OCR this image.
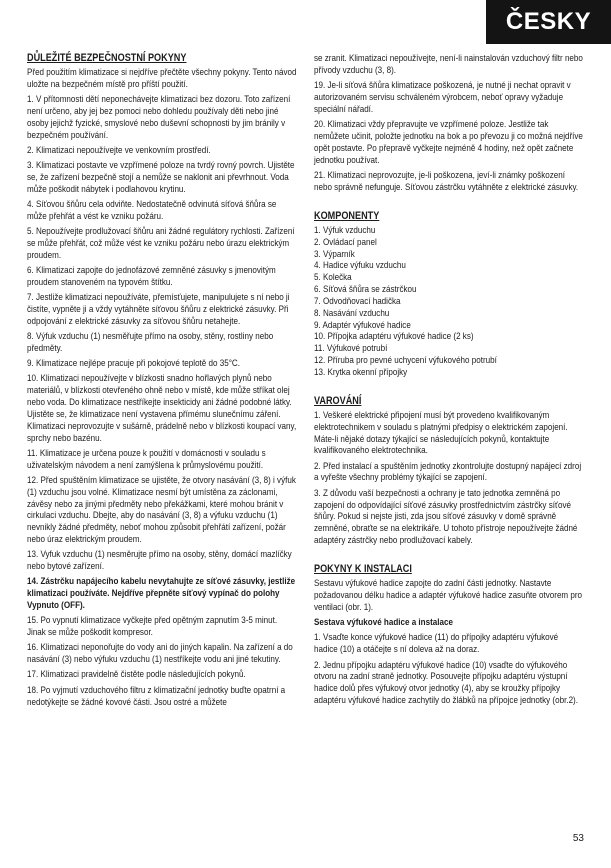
ČESKY

DŮLEŽITÉ BEZPEČNOSTNÍ POKYNY

Před použitím klimatizace si nejdříve přečtěte všechny pokyny. Tento návod uložte na bezpečném místě pro příští použití.

1. V přítomnosti dětí neponechávejte klimatizaci bez dozoru. Toto zařízení není určeno, aby jej bez pomoci nebo dohledu používaly děti nebo jiné osoby jejichž fyzické, smyslové nebo duševní schopnosti by jim bránily v bezpečném používání.

2. Klimatizaci nepoužívejte ve venkovním prostředí.

3. Klimatizaci postavte ve vzpřímené poloze na tvrdý rovný povrch. Ujistěte se, že zařízení bezpečně stojí a nemůže se naklonit ani převrhnout. Voda může poškodit nábytek i podlahovou krytinu.

4. Síťovou šňůru cela odviňte. Nedostatečně odvinutá síťová šňůra se může přehřát a vést ke vzniku požáru.

5. Nepoužívejte prodlužovací šňůru ani žádné regulátory rychlosti. Zařízení se může přehřát, což může vést ke vzniku požáru nebo úrazu elektrickým proudem.

6. Klimatizaci zapojte do jednofázové zemněné zásuvky s jmenovitým proudem stanoveném na typovém štítku.

7. Jestliže klimatizaci nepoužíváte, přemísťujete, manipulujete s ní nebo ji čistíte, vypněte ji a vždy vytáhněte síťovou šňůru z elektrické zásuvky. Při odpojování z elektrické zásuvky za síťovou šňůru netahejte.

8. Výfuk vzduchu (1) nesměřujte přímo na osoby, stěny, rostliny nebo předměty.

9. Klimatizace nejlépe pracuje při pokojové teplotě do 35°C.

10. Klimatizaci nepoužívejte v blízkosti snadno hořlavých plynů nebo materiálů, v blízkosti otevřeného ohně nebo v místě, kde může stříkat olej nebo voda. Do klimatizace nestříkejte insekticidy ani žádné podobné látky. Ujistěte se, že klimatizace není vystavena přímému slunečnímu záření. Klimatizaci neprovozujte v sušárně, prádelně nebo v blízkosti koupací vany, sprchy nebo bazénu.

11. Klimatizace je určena pouze k použití v domácnosti v souladu s uživatelským návodem a není zamýšlena k průmyslovému použití.

12. Před spuštěním klimatizace se ujistěte, že otvory nasávání (3, 8) i výfuk (1) vzduchu jsou volné. Klimatizace nesmí být umístěna za záclonami, závěsy nebo za jinými předměty nebo překážkami, které mohou bránit v cirkulaci vzduchu. Dbejte, aby do nasávání (3, 8) a výfuku vzduchu (1) nevnikly žádné předměty, neboť mohou způsobit přehřátí zařízení, požár nebo úraz elektrickým proudem.

13. Vyfuk vzduchu (1) nesměrujte přímo na osoby, stěny, domácí mazlíčky nebo bytové zařízení.

14. Zástrčku napájecího kabelu nevytahujte ze síťové zásuvky, jestliže klimatizaci používáte. Nejdříve přepněte síťový vypínač do polohy Vypnuto (OFF).

15. Po vypnutí klimatizace vyčkejte před opětným zapnutím 3-5 minut. Jinak se může poškodit kompresor.

16. Klimatizaci neponořujte do vody ani do jiných kapalin. Na zařízení a do nasávání (3) nebo výfuku vzduchu (1) nestříkejte vodu ani jiné tekutiny.

17. Klimatizaci pravidelně čistěte podle následujících pokynů.

18. Po vyjmutí vzduchového filtru z klimatizační jednotky buďte opatrní a nedotýkejte se žádné kovové části. Jsou ostré a můžete

se zranit. Klimatizaci nepoužívejte, není-li nainstalován vzduchový filtr nebo přívody vzduchu (3, 8).

19. Je-li síťová šňůra klimatizace poškozená, je nutné ji nechat opravit v autorizovaném servisu schváleném výrobcem, neboť opravy vyžaduje speciální nářadí.

20. Klimatizaci vždy přepravujte ve vzpřímené poloze. Jestliže tak nemůžete učinit, položte jednotku na bok a po převozu ji co možná nejdříve opět postavte. Po přepravě vyčkejte nejméně 4 hodiny, než opět začnete jednotku používat.

21. Klimatizaci neprovozujte, je-li poškozena, jeví-li známky poškození nebo správně nefunguje. Síťovou zástrčku vytáhněte z elektrické zásuvky.

KOMPONENTY

1. Výfuk vzduchu
2. Ovládací panel
3. Výparník
4. Hadice výfuku vzduchu
5. Kolečka
6. Síťová šňůra se zástrčkou
7. Odvodňovací hadička
8. Nasávání vzduchu
9. Adaptér výfukové hadice
10. Přípojka adaptéru výfukové hadice (2 ks)
11. Výfukové potrubí
12. Příruba pro pevné uchycení výfukového potrubí
13. Krytka okenní přípojky

VAROVÁNÍ

1. Veškeré elektrické připojení musí být provedeno kvalifikovaným elektrotechnikem v souladu s platnými předpisy o elektrickém zapojení. Máte-li nějaké dotazy týkající se následujících pokynů, kontaktujte kvalifikovaného elektrotechnika.

2. Před instalací a spuštěním jednotky zkontrolujte dostupný napájecí zdroj a vyřešte všechny problémy týkající se zapojení.

3. Z důvodu vaší bezpečnosti a ochrany je tato jednotka zemněná po zapojení do odpovídající síťové zásuvky prostřednictvím zástrčky síťové šňůry. Pokud si nejste jisti, zda jsou síťové zásuvky v domě správně zemněné, obraťte se na elektrikáře. U tohoto přístroje nepoužívejte žádné adaptéry zástrčky nebo prodlužovací kabely.

POKYNY K INSTALACI

Sestavu výfukové hadice zapojte do zadní části jednotky. Nastavte požadovanou délku hadice a adaptér výfukové hadice zasuňte otvorem pro ventilaci (obr. 1).

Sestava výfukové hadice a instalace

1. Vsaďte konce výfukové hadice (11) do přípojky adaptéru výfukové hadice (10) a otáčejte s ní doleva až na doraz.

2. Jednu přípojku adaptéru výfukové hadice (10) vsaďte do výfukového otvoru na zadní straně jednotky. Posouvejte přípojku adaptéru výstupní hadice dolů přes výfukový otvor jednotky (4), aby se kroužky přípojky adaptéru výfukové hadice zachytily do žlábků na přípojce jednotky (obr.2).

53
